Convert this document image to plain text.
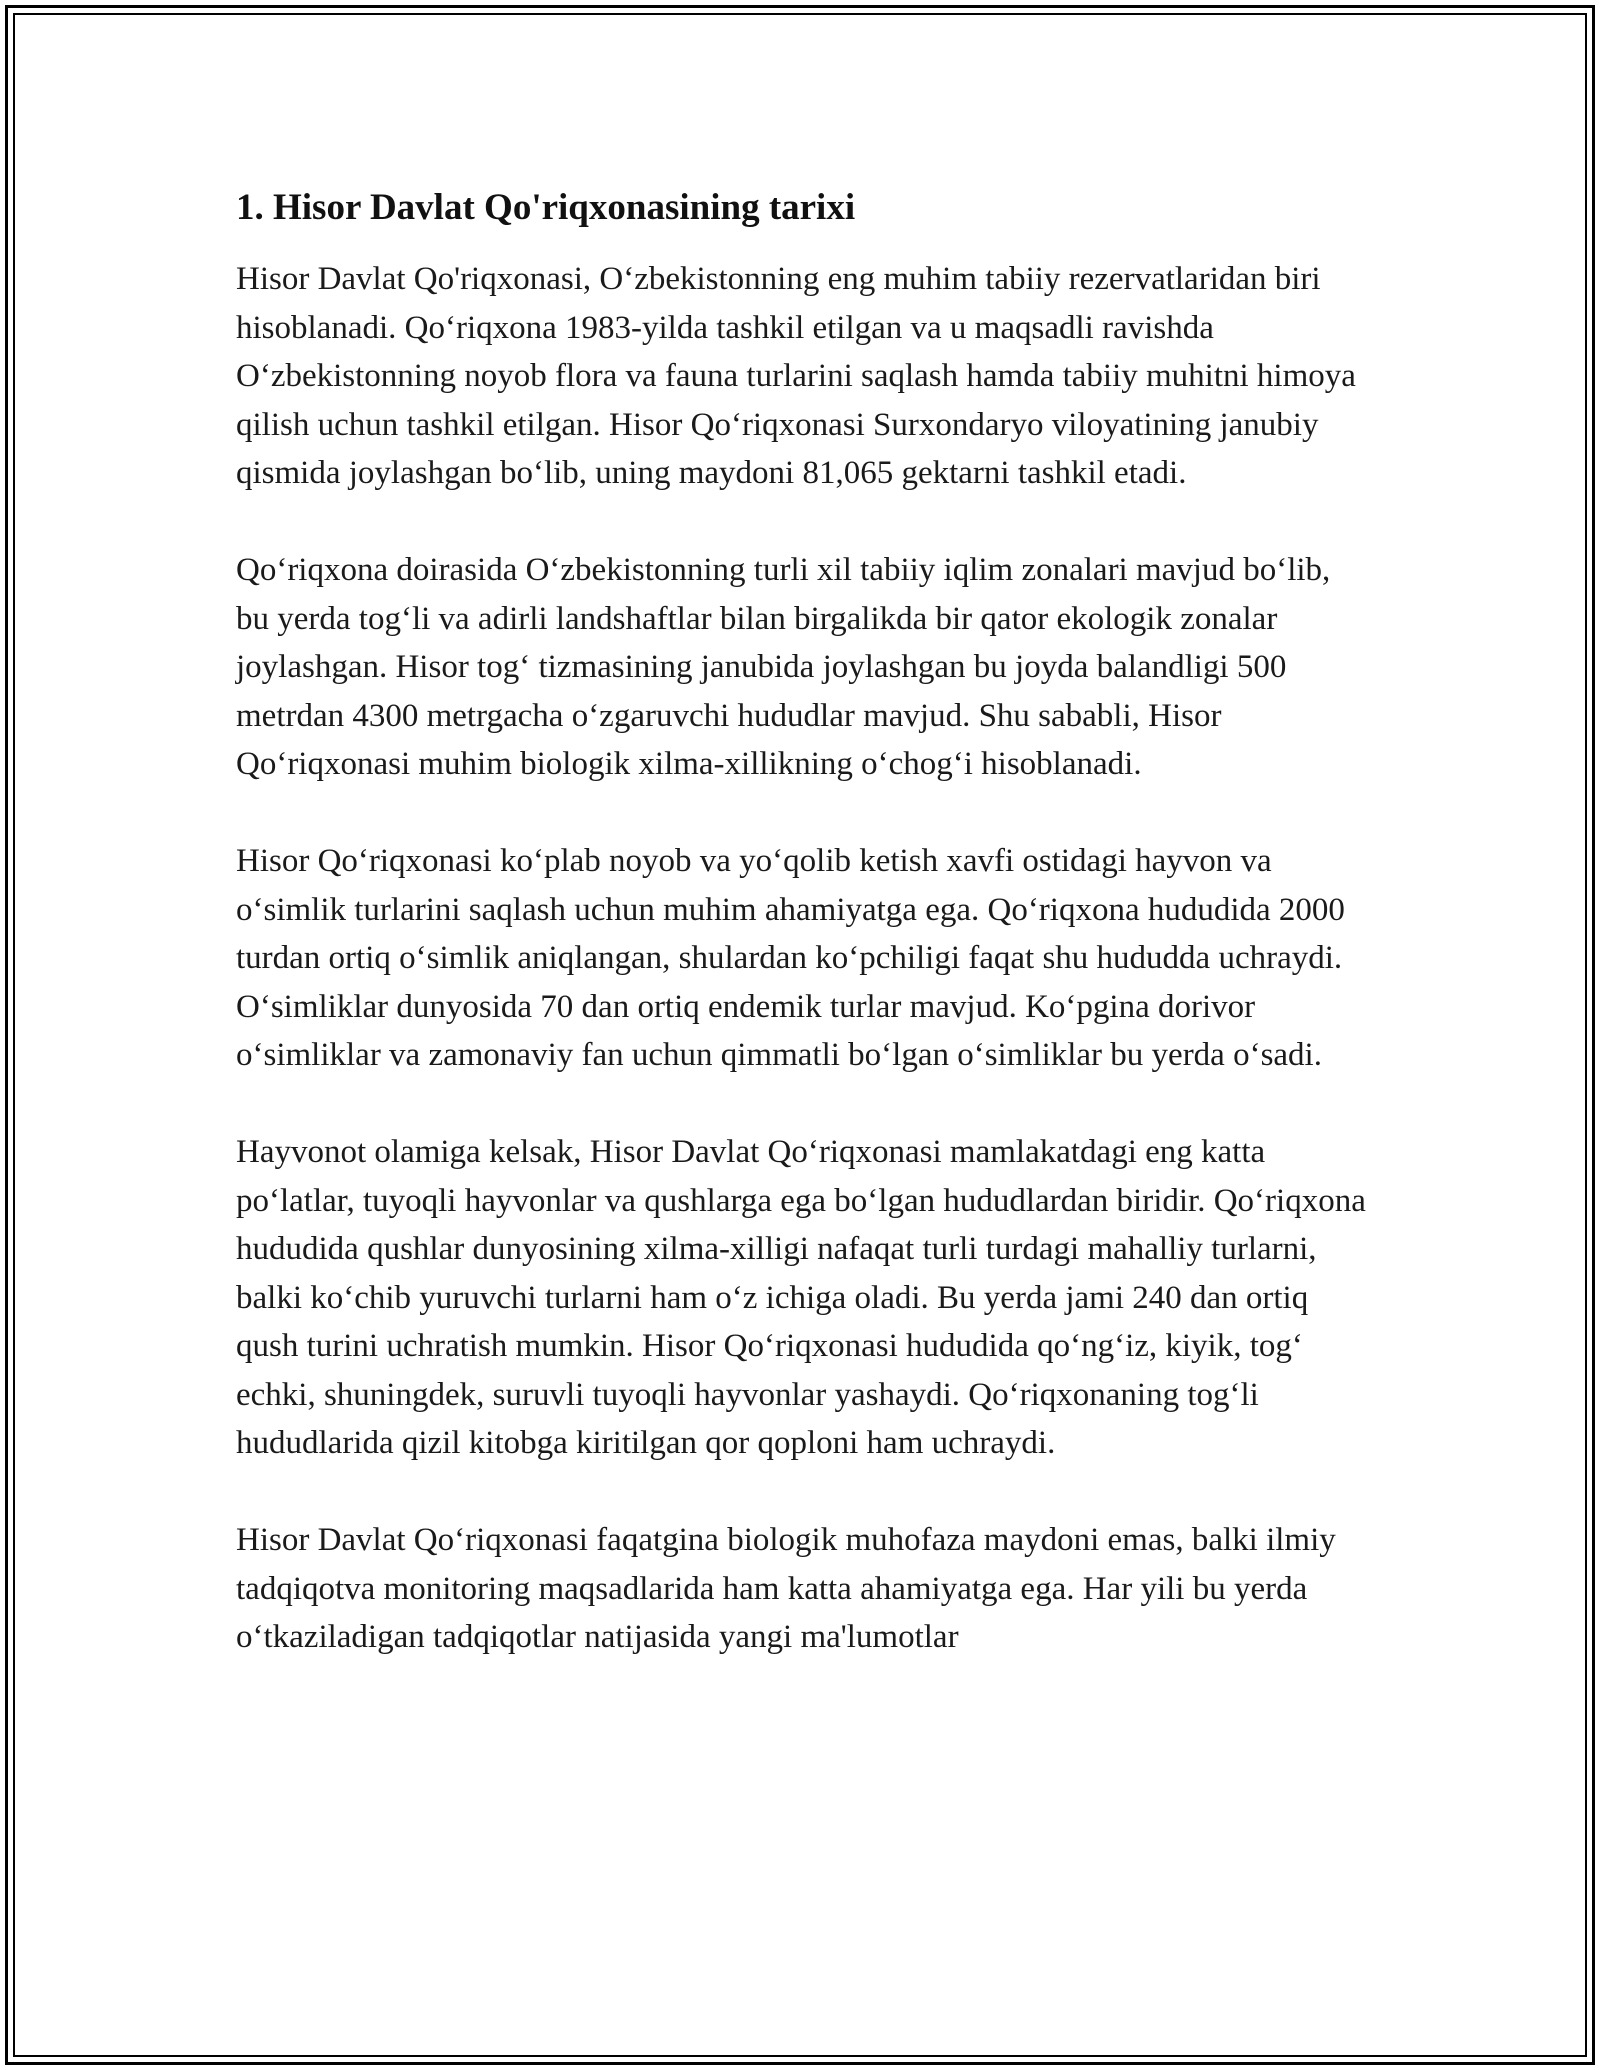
1. Hisor Davlat Qo'riqxonasining tarixi

Hisor Davlat Qo'riqxonasi, O‘zbekistonning eng muhim tabiiy rezervatlaridan biri hisoblanadi. Qo‘riqxona 1983-yilda tashkil etilgan va u maqsadli ravishda O‘zbekistonning noyob flora va fauna turlarini saqlash hamda tabiiy muhitni himoya qilish uchun tashkil etilgan. Hisor Qo‘riqxonasi Surxondaryo viloyatining janubiy qismida joylashgan bo‘lib, uning maydoni 81,065 gektarni tashkil etadi.

Qo‘riqxona doirasida O‘zbekistonning turli xil tabiiy iqlim zonalari mavjud bo‘lib, bu yerda tog‘li va adirli landshaftlar bilan birgalikda bir qator ekologik zonalar joylashgan. Hisor tog‘ tizmasining janubida joylashgan bu joyda balandligi 500 metrdan 4300 metrgacha o‘zgaruvchi hududlar mavjud. Shu sababli, Hisor Qo‘riqxonasi muhim biologik xilma-xillikning o‘chog‘i hisoblanadi.

Hisor Qo‘riqxonasi ko‘plab noyob va yo‘qolib ketish xavfi ostidagi hayvon va o‘simlik turlarini saqlash uchun muhim ahamiyatga ega. Qo‘riqxona hududida 2000 turdan ortiq o‘simlik aniqlangan, shulardan ko‘pchiligi faqat shu hududda uchraydi. O‘simliklar dunyosida 70 dan ortiq endemik turlar mavjud. Ko‘pgina dorivor o‘simliklar va zamonaviy fan uchun qimmatli bo‘lgan o‘simliklar bu yerda o‘sadi.

Hayvonot olamiga kelsak, Hisor Davlat Qo‘riqxonasi mamlakatdagi eng katta po‘latlar, tuyoqli hayvonlar va qushlarga ega bo‘lgan hududlardan biridir. Qo‘riqxona hududida qushlar dunyosining xilma-xilligi nafaqat turli turdagi mahalliy turlarni, balki ko‘chib yuruvchi turlarni ham o‘z ichiga oladi. Bu yerda jami 240 dan ortiq qush turini uchratish mumkin. Hisor Qo‘riqxonasi hududida qo‘ng‘iz, kiyik, tog‘ echki, shuningdek, suruvli tuyoqli hayvonlar yashaydi. Qo‘riqxonaning tog‘li hududlarida qizil kitobga kiritilgan qor qoploni ham uchraydi.

Hisor Davlat Qo‘riqxonasi faqatgina biologik muhofaza maydoni emas, balki ilmiy tadqiqotva monitoring maqsadlarida ham katta ahamiyatga ega. Har yili bu yerda o‘tkaziladigan tadqiqotlar natijasida yangi ma'lumotlar
